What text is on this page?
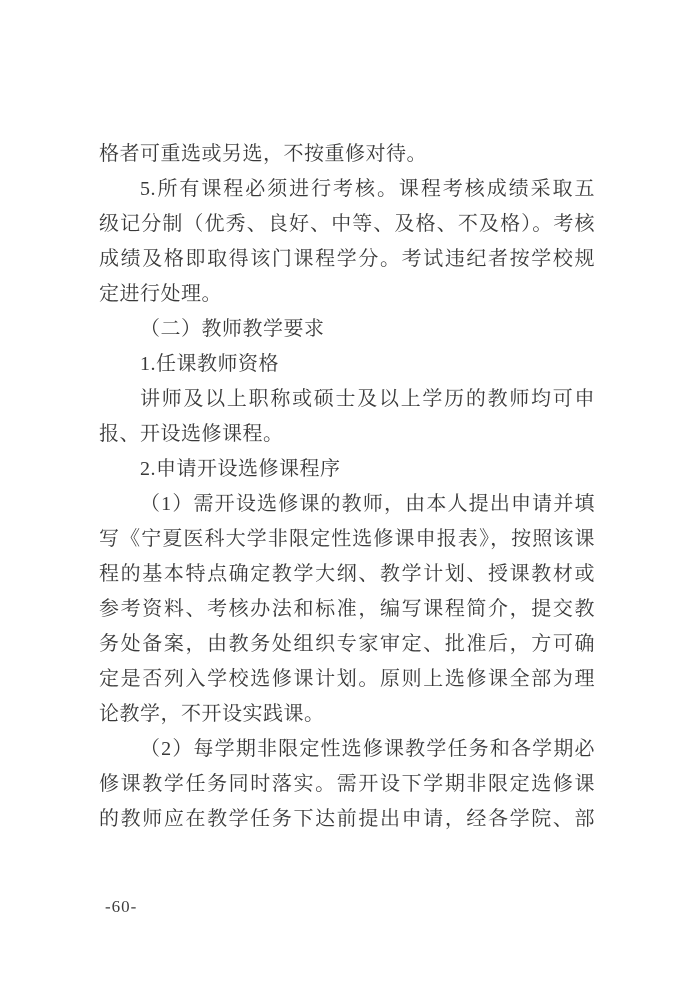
格者可重选或另选，不按重修对待。
5.所有课程必须进行考核。课程考核成绩采取五
级记分制（优秀、良好、中等、及格、不及格）。考核
成绩及格即取得该门课程学分。考试违纪者按学校规
定进行处理。
（二）教师教学要求
1.任课教师资格
讲师及以上职称或硕士及以上学历的教师均可申
报、开设选修课程。
2.申请开设选修课程序
（1）需开设选修课的教师，由本人提出申请并填
写《宁夏医科大学非限定性选修课申报表》，按照该课
程的基本特点确定教学大纲、教学计划、授课教材或
参考资料、考核办法和标准，编写课程简介，提交教
务处备案，由教务处组织专家审定、批准后，方可确
定是否列入学校选修课计划。原则上选修课全部为理
论教学，不开设实践课。
（2）每学期非限定性选修课教学任务和各学期必
修课教学任务同时落实。需开设下学期非限定选修课
的教师应在教学任务下达前提出申请，经各学院、部
-60-
